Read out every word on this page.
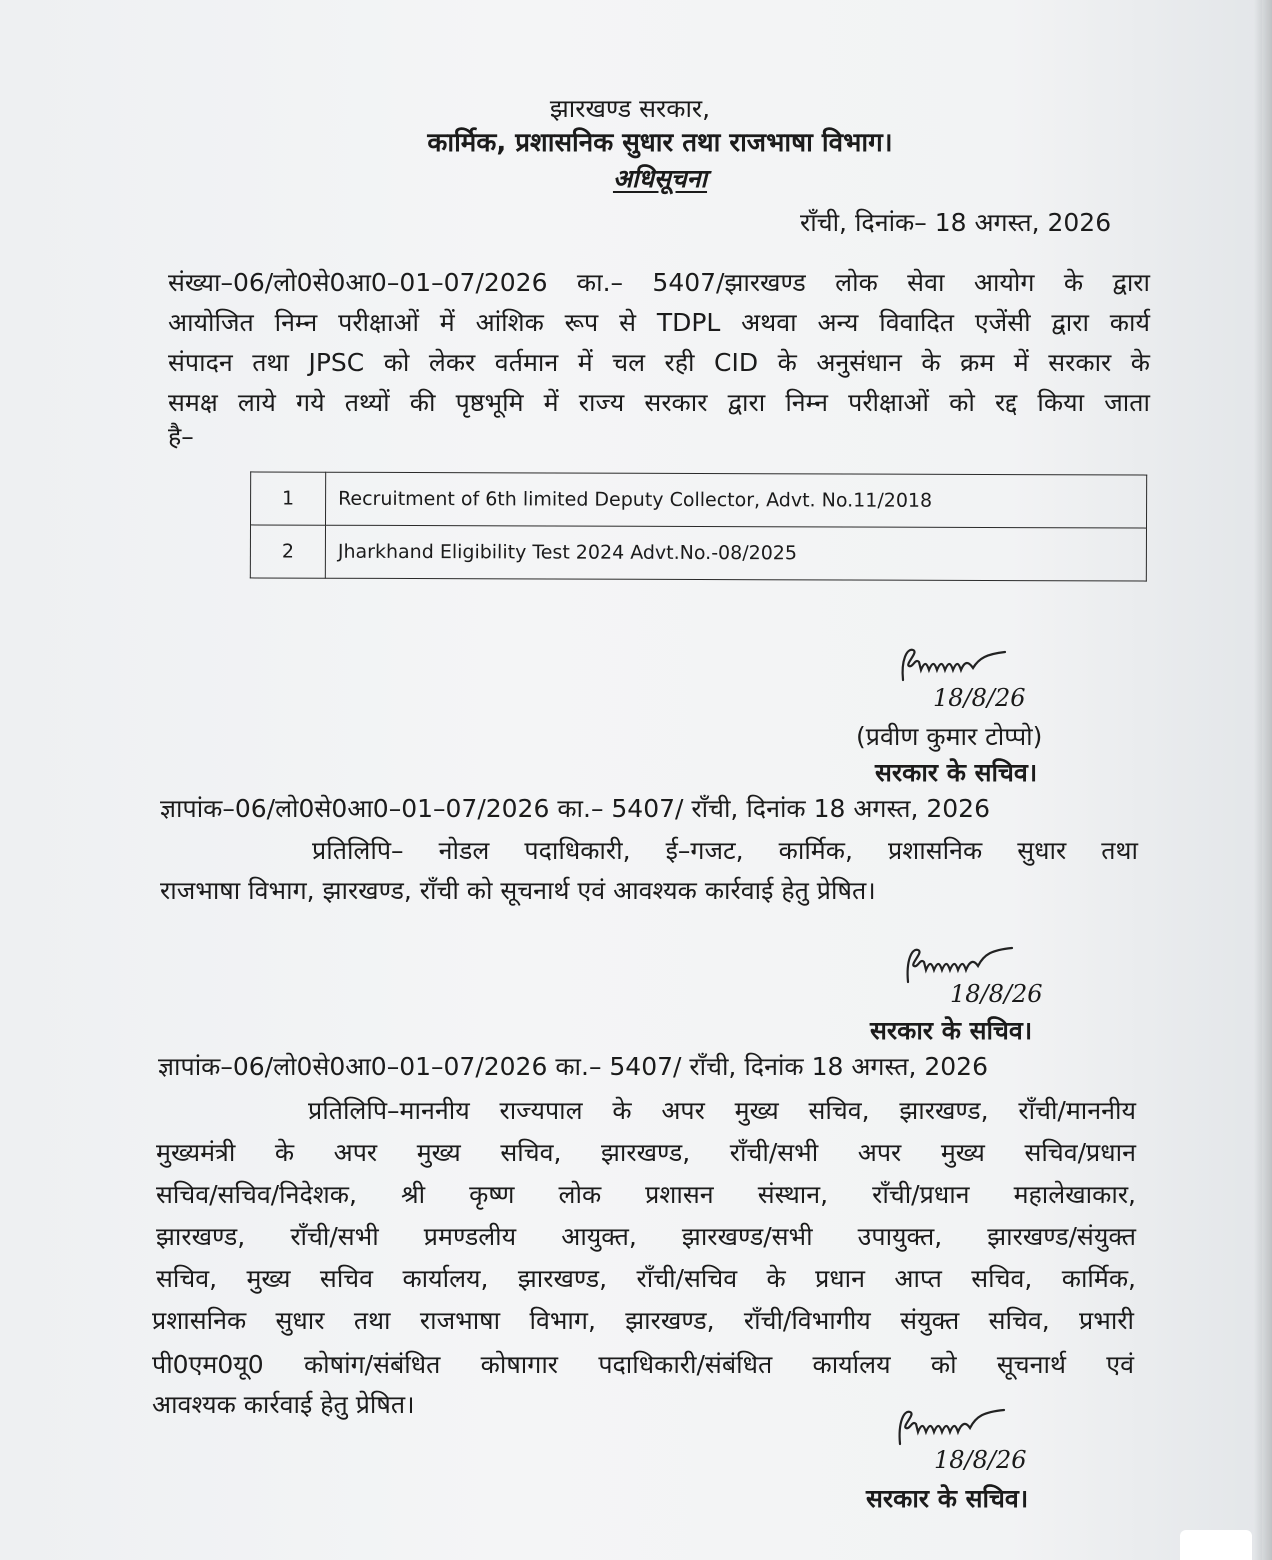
झारखण्ड सरकार,
कार्मिक, प्रशासनिक सुधार तथा राजभाषा विभाग।
अधिसूचना
राँची, दिनांक– 18 अगस्त, 2026
संख्या–06/लो0से0आ0–01–07/2026 का.– 5407/झारखण्ड लोक सेवा आयोग के द्वारा
आयोजित निम्न परीक्षाओं में आंशिक रूप से TDPL अथवा अन्य विवादित एजेंसी द्वारा कार्य
संपादन तथा JPSC को लेकर वर्तमान में चल रही CID के अनुसंधान के क्रम में सरकार के
समक्ष लाये गये तथ्यों की पृष्ठभूमि में राज्य सरकार द्वारा निम्न परीक्षाओं को रद्द किया जाता
है–
1	Recruitment of 6th limited Deputy Collector, Advt. No.11/2018
2	Jharkhand Eligibility Test 2024 Advt.No.-08/2025
18/8/26
(प्रवीण कुमार टोप्पो)
सरकार के सचिव।
ज्ञापांक–06/लो0से0आ0–01–07/2026 का.– 5407/ राँची, दिनांक 18 अगस्त, 2026
प्रतिलिपि– नोडल पदाधिकारी, ई–गजट, कार्मिक, प्रशासनिक सुधार तथा
राजभाषा विभाग, झारखण्ड, राँची को सूचनार्थ एवं आवश्यक कार्रवाई हेतु प्रेषित।
18/8/26
सरकार के सचिव।
ज्ञापांक–06/लो0से0आ0–01–07/2026 का.– 5407/ राँची, दिनांक 18 अगस्त, 2026
प्रतिलिपि–माननीय राज्यपाल के अपर मुख्य सचिव, झारखण्ड, राँची/माननीय
मुख्यमंत्री के अपर मुख्य सचिव, झारखण्ड, राँची/सभी अपर मुख्य सचिव/प्रधान
सचिव/सचिव/निदेशक, श्री कृष्ण लोक प्रशासन संस्थान, राँची/प्रधान महालेखाकार,
झारखण्ड, राँची/सभी प्रमण्डलीय आयुक्त, झारखण्ड/सभी उपायुक्त, झारखण्ड/संयुक्त
सचिव, मुख्य सचिव कार्यालय, झारखण्ड, राँची/सचिव के प्रधान आप्त सचिव, कार्मिक,
प्रशासनिक सुधार तथा राजभाषा विभाग, झारखण्ड, राँची/विभागीय संयुक्त सचिव, प्रभारी
पी0एम0यू0 कोषांग/संबंधित कोषागार पदाधिकारी/संबंधित कार्यालय को सूचनार्थ एवं
आवश्यक कार्रवाई हेतु प्रेषित।
18/8/26
सरकार के सचिव।
